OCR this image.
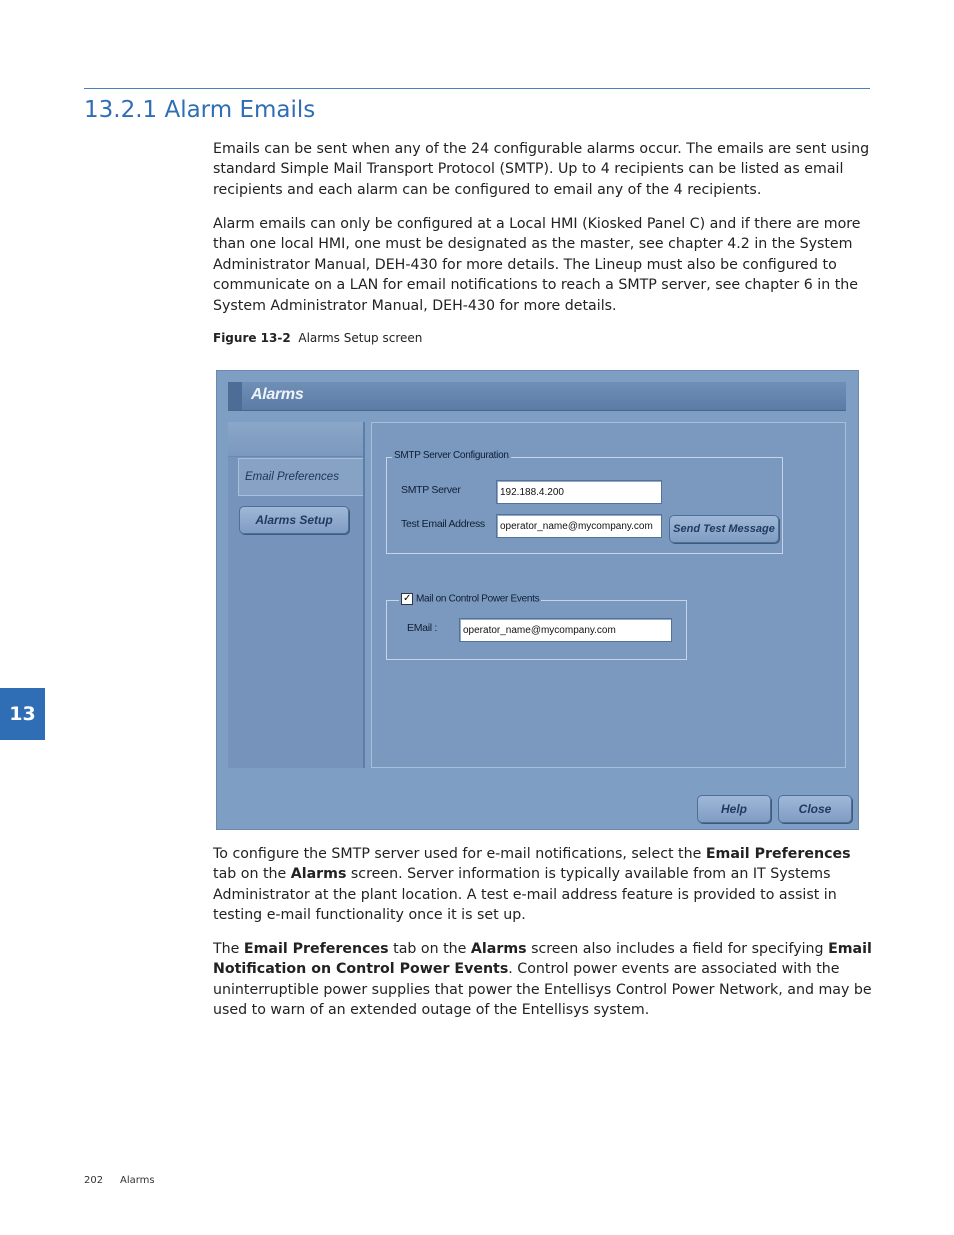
13.2.1 Alarm Emails

Emails can be sent when any of the 24 configurable alarms occur. The emails are sent using standard Simple Mail Transport Protocol (SMTP). Up to 4 recipients can be listed as email recipients and each alarm can be configured to email any of the 4 recipients.

Alarm emails can only be configured at a Local HMI (Kiosked Panel C) and if there are more than one local HMI, one must be designated as the master, see chapter 4.2 in the System Administrator Manual, DEH-430 for more details. The Lineup must also be configured to communicate on a LAN for email notifications to reach a SMTP server, see chapter 6 in the System Administrator Manual, DEH-430 for more details.

Figure 13-2 Alarms Setup screen
Alarms
Email Preferences
Alarms Setup
SMTP Server Configuration
SMTP Server
192.188.4.200
Test Email Address
operator_name@mycompany.com	Send Test Message
✓ Mail on Control Power Events
EMail :
operator_name@mycompany.com
Help	Close

To configure the SMTP server used for e-mail notifications, select the Email Preferences tab on the Alarms screen. Server information is typically available from an IT Systems Administrator at the plant location. A test e-mail address feature is provided to assist in testing e-mail functionality once it is set up.

The Email Preferences tab on the Alarms screen also includes a field for specifying Email Notification on Control Power Events. Control power events are associated with the uninterruptible power supplies that power the Entellisys Control Power Network, and may be used to warn of an extended outage of the Entellisys system.

13
202 Alarms
